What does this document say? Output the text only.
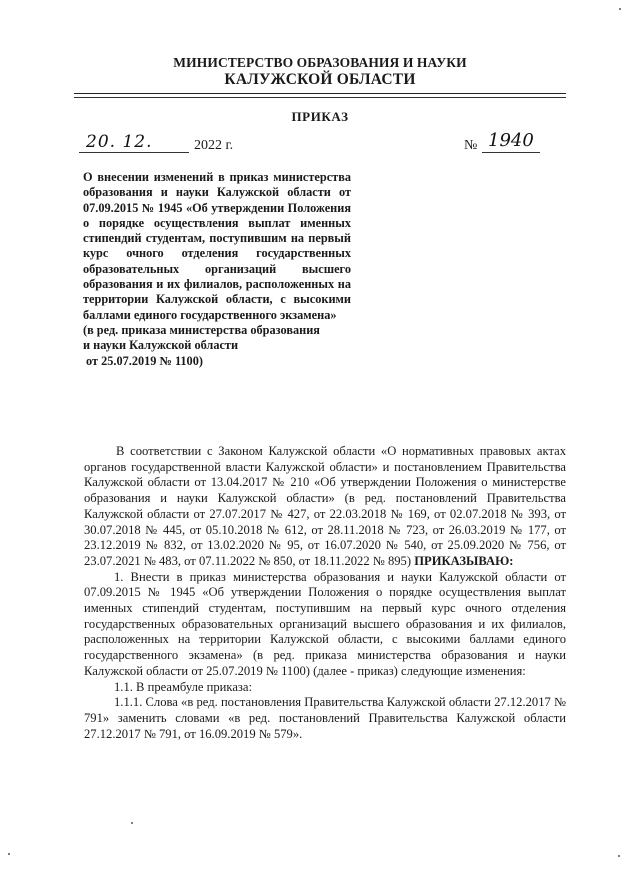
МИНИСТЕРСТВО ОБРАЗОВАНИЯ И НАУКИ
КАЛУЖСКОЙ ОБЛАСТИ
ПРИКАЗ
20. 12.	2022 г.	№ 1940

О внесении изменений в приказ министерства образования и науки Калужской области от 07.09.2015 № 1945 «Об утверждении Положения о порядке осуществления выплат именных стипендий студентам, поступившим на первый курс очного отделения государственных образовательных организаций высшего образования и их филиалов, расположенных на территории Калужской области, с высокими баллами единого государственного экзамена»

(в ред. приказа министерства образования

и науки Калужской области

от 25.07.2019 № 1100)

В соответствии с Законом Калужской области «О нормативных правовых актах органов государственной власти Калужской области» и постановлением Правительства Калужской области от 13.04.2017 № 210 «Об утверждении Положения о министерстве образования и науки Калужской области» (в ред. постановлений Правительства Калужской области от 27.07.2017 № 427, от 22.03.2018 № 169, от 02.07.2018 № 393, от 30.07.2018 № 445, от 05.10.2018 № 612, от 28.11.2018 № 723, от 26.03.2019 № 177, от 23.12.2019 № 832, от 13.02.2020 № 95, от 16.07.2020 № 540, от 25.09.2020 № 756, от 23.07.2021 № 483, от 07.11.2022 № 850, от 18.11.2022 № 895) ПРИКАЗЫВАЮ:

1. Внести в приказ министерства образования и науки Калужской области от 07.09.2015 № 1945 «Об утверждении Положения о порядке осуществления выплат именных стипендий студентам, поступившим на первый курс очного отделения государственных образовательных организаций высшего образования и их филиалов, расположенных на территории Калужской области, с высокими баллами единого государственного экзамена» (в ред. приказа министерства образования и науки Калужской области от 25.07.2019 № 1100) (далее - приказ) следующие изменения:

1.1. В преамбуле приказа:

1.1.1. Слова «в ред. постановления Правительства Калужской области 27.12.2017 № 791» заменить словами «в ред. постановлений Правительства Калужской области 27.12.2017 № 791, от 16.09.2019 № 579».
